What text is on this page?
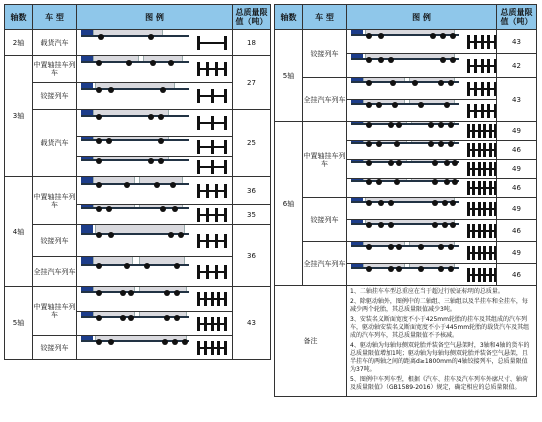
轴数	车 型	图 例	总质量限值（吨）
2轴	载货汽车		18
3轴	中置轴挂车列车		27
	铰接列车		

	载货汽车		25

4轴	中置轴挂车列车		36

			35
	铰接列车		36
	全挂汽车列车		

5轴	中置轴挂车列车		43

	铰接列车		
轴数	车 型	图 例	总质量限值（吨）
5轴	铰接列车		43

			42
	全挂汽车列车		43

6轴	中置轴挂车列车		49

			46

			49

			46
	铰接列车		49

			46
	全挂汽车列车		49

			46
备注		1、二轴挂车车型总重应在当于超过行驶证标明的总质量。
2、除驱动轴外，图例中的二轴组、三轴组以及半挂车和全挂车，每减少两个轮胎，其总质量限值减少3吨。
3、安装名义断面宽度不小于425mm轮胎的挂车及其组成的汽车列车，驱动轴安装名义断面宽度不小于445mm轮胎的载货汽车及其组成的汽车列车，其总质量限值不予核减。
4、驱动轴为每轴每侧双轮胎并装备空气悬架时，3轴和4轴的货车的总质量限值增加1吨；驱动轴为每轴每侧双轮胎并装备空气悬架，且半挂车的两轴之间的距离d≥1800mm的4轴铰接列车，总质量限值为37吨。
5、图例中车列车型，根据《汽车、挂车及汽车列车外廓尺寸、轴荷及质量限值》（GB1589-2016）规定，确定相应的总质量限值。	
